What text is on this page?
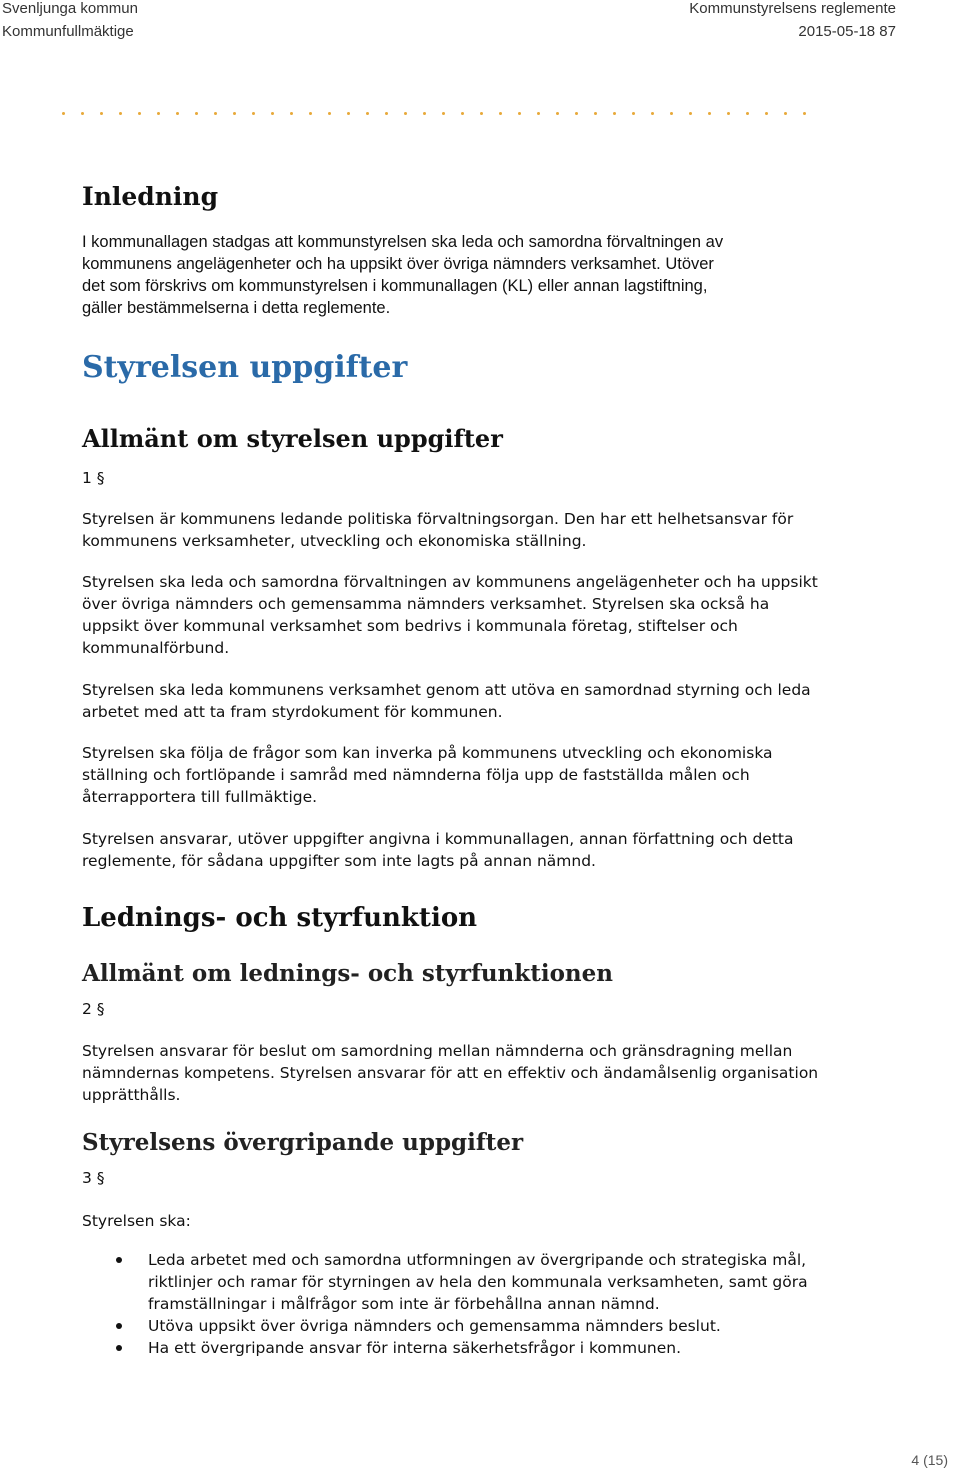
Svenljunga kommun
Kommunfullmäktige
Kommunstyrelsens reglemente
2015-05-18 87
Inledning
I kommunallagen stadgas att kommunstyrelsen ska leda och samordna förvaltningen av
kommunens angelägenheter och ha uppsikt över övriga nämnders verksamhet. Utöver
det som förskrivs om kommunstyrelsen i kommunallagen (KL) eller annan lagstiftning,
gäller bestämmelserna i detta reglemente.
Styrelsen uppgifter
Allmänt om styrelsen uppgifter
1 §

Styrelsen är kommunens ledande politiska förvaltningsorgan. Den har ett helhetsansvar för kommunens verksamheter, utveckling och ekonomiska ställning.

Styrelsen ska leda och samordna förvaltningen av kommunens angelägenheter och ha uppsikt över övriga nämnders och gemensamma nämnders verksamhet. Styrelsen ska också ha uppsikt över kommunal verksamhet som bedrivs i kommunala företag, stiftelser och kommunalförbund.

Styrelsen ska leda kommunens verksamhet genom att utöva en samordnad styrning och leda arbetet med att ta fram styrdokument för kommunen.

Styrelsen ska följa de frågor som kan inverka på kommunens utveckling och ekonomiska ställning och fortlöpande i samråd med nämnderna följa upp de fastställda målen och återrapportera till fullmäktige.

Styrelsen ansvarar, utöver uppgifter angivna i kommunallagen, annan författning och detta reglemente, för sådana uppgifter som inte lagts på annan nämnd.

Lednings- och styrfunktion
Allmänt om lednings- och styrfunktionen
2 §

Styrelsen ansvarar för beslut om samordning mellan nämnderna och gränsdragning mellan nämndernas kompetens. Styrelsen ansvarar för att en effektiv och ändamålsenlig organisation upprätthålls.

Styrelsens övergripande uppgifter
3 §

Styrelsen ska:

Leda arbetet med och samordna utformningen av övergripande och strategiska mål, riktlinjer och ramar för styrningen av hela den kommunala verksamheten, samt göra framställningar i målfrågor som inte är förbehållna annan nämnd.
Utöva uppsikt över övriga nämnders och gemensamma nämnders beslut.
Ha ett övergripande ansvar för interna säkerhetsfrågor i kommunen.
4 (15)
